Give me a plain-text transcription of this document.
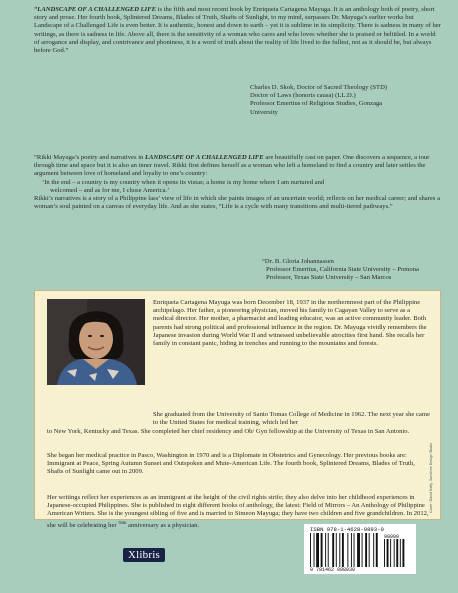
“LANDSCAPE OF A CHALLENGED LIFE is the fifth and most recent book by Enriqueta Cartagena Mayuga. It is an anthology both of poetry, short story and prose. Her fourth book, Splintered Dreams, Blades of Truth, Shafts of Sunlight, to my mind, surpasses Dr. Mayuga’s earlier works but Landscape of a Challenged Life is even better. It is authentic, honest and down to earth – yet it is sublime in its simplicity. There is sadness in many of her writings, as there is sadness in life. Above all, there is the sensitivity of a woman who cares and who loves whether she is praised or belittled. In a world of arrogance and display, and contrivance and phoniness, it is a word of truth about the reality of life lived to the fullest, not as it should be, but always before God.”

Charles D. Skok, Doctor of Sacred Theology (STD)
Doctor of Laws (honoris causa) (LL.D.)
Professor Emeritus of Religious Studies, Gonzaga
University

“Rikki Mayuga’s poetry and narratives in LANDSCAPE OF A CHALLENGED LIFE are beautifully cast on paper. One discovers a sequence, a tour through time and space but it is also an inner travel. Rikki first defines herself as a woman who left a homeland to find a country and later settles the argument between love of homeland and loyalty to one’s country:

‘In the end – a country is my country when it opens its vistas; a home is my home where I am nurtured and

welcomed – and as for me, I chose America.’

Rikki’s narratives is a story of a Philippine lass’ view of life in which she paints images of an uncertain world; reflects on her medical career; and shares a woman’s soul painted on a canvas of everyday life. And as she states, “Life is a cycle with many transitions and multi-tiered pathways.”

“Dr. B. Gloria Johannassen
Professor Emeritus, California State University – Pomona
Professor, Texas State University – San Marcos

Enriqueta Cartagena Mayuga was born December 18, 1937 in the northernmost part of the Philippine archipelago. Her father, a pioneering physician, moved his family to Cagayan Valley to serve as a medical director. Her mother, a pharmacist and leading educator, was an active community leader. Both parents had strong political and professional influence in the region. Dr. Mayuga vividly remembers the Japanese invasion during World War II and witnessed unbelievable atrocities first hand. She recalls her family in constant panic, hiding in trenches and running to the mountains and forests.

She graduated from the University of Santo Tomas College of Medicine in 1962. The next year she came to the United States for medical training, which led her

to New York, Kentucky and Texas. She completed her chief residency and Ob/ Gyn fellowship at the University of Texas in San Antonio.

She began her medical practice in Pasco, Washington in 1970 and is a Diplomate in Obstetrics and Gynecology. Her previous books are: Immigrant at Peace, Spring Autumn Sunset and Outspoken and Mute-American Life. The fourth book, Splintered Dreams, Blades of Truth, Shafts of Sunlight came out in 2009.

Her writings reflect her experiences as an immigrant at the height of the civil rights strife; they also delve into her childhood experiences in Japanese-occupied Philippines. She is published in eight different books of anthology, the latest: Field of Mirrors – An Anthology of Philippine American Writers. She is the youngest sibling of five and is married to Simeon Mayuga; they have two children and five grandchildren. In 2012, she will be celebrating her $^{50th}$ anniversary as a physician.

Cover: David Haffy, Sunshine Design Studio
Xlibris
ISBN 978-1-4628-9893-0
90000
9 781462 898930
